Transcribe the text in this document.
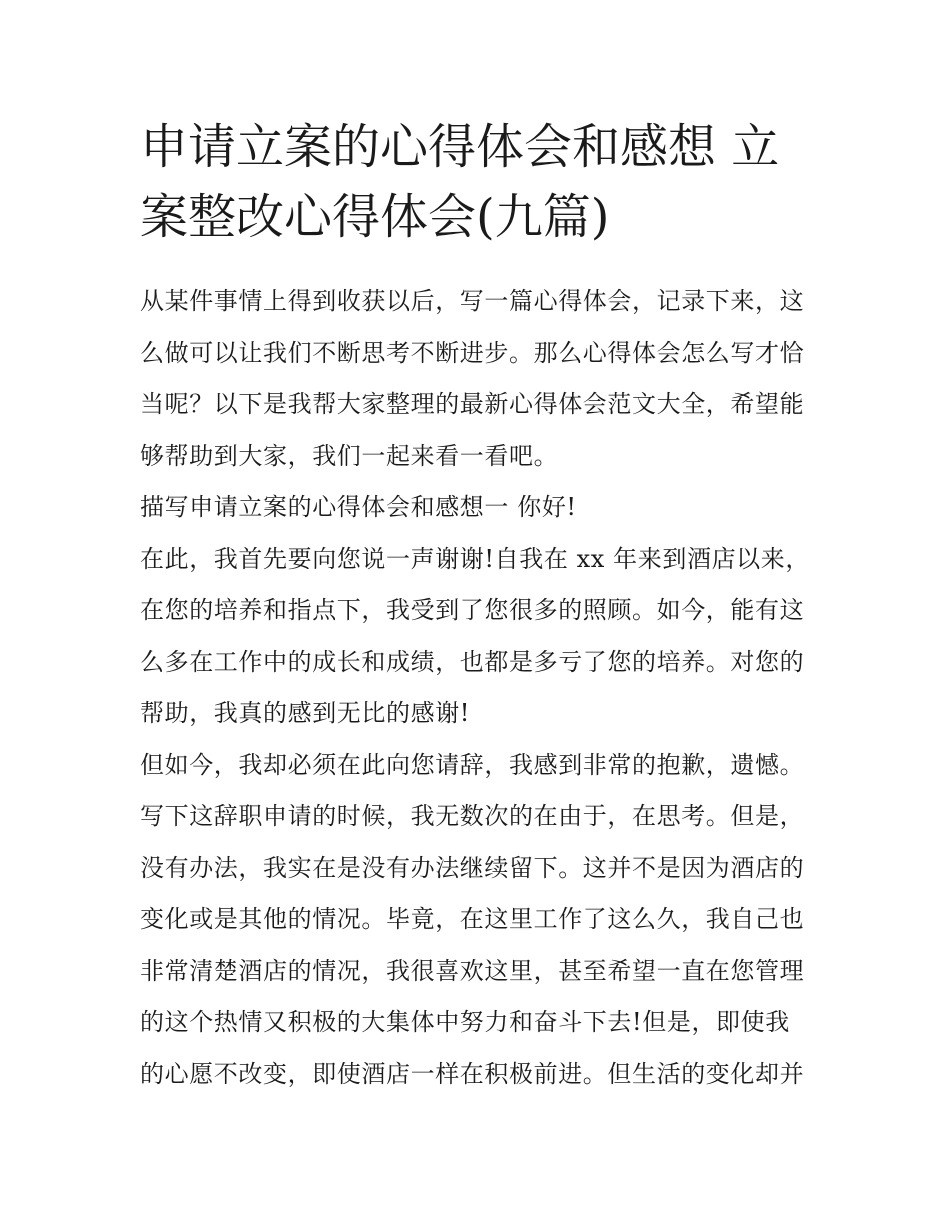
申请立案的心得体会和感想 立
案整改心得体会(九篇)
从某件事情上得到收获以后，写一篇心得体会，记录下来，这
么做可以让我们不断思考不断进步。那么心得体会怎么写才恰
当呢？以下是我帮大家整理的最新心得体会范文大全，希望能
够帮助到大家，我们一起来看一看吧。
描写申请立案的心得体会和感想一 你好!
在此，我首先要向您说一声谢谢!自我在 xx 年来到酒店以来，
在您的培养和指点下，我受到了您很多的照顾。如今，能有这
么多在工作中的成长和成绩，也都是多亏了您的培养。对您的
帮助，我真的感到无比的感谢!
但如今，我却必须在此向您请辞，我感到非常的抱歉，遗憾。
写下这辞职申请的时候，我无数次的在由于，在思考。但是，
没有办法，我实在是没有办法继续留下。这并不是因为酒店的
变化或是其他的情况。毕竟，在这里工作了这么久，我自己也
非常清楚酒店的情况，我很喜欢这里，甚至希望一直在您管理
的这个热情又积极的大集体中努力和奋斗下去!但是，即使我
的心愿不改变，即使酒店一样在积极前进。但生活的变化却并
